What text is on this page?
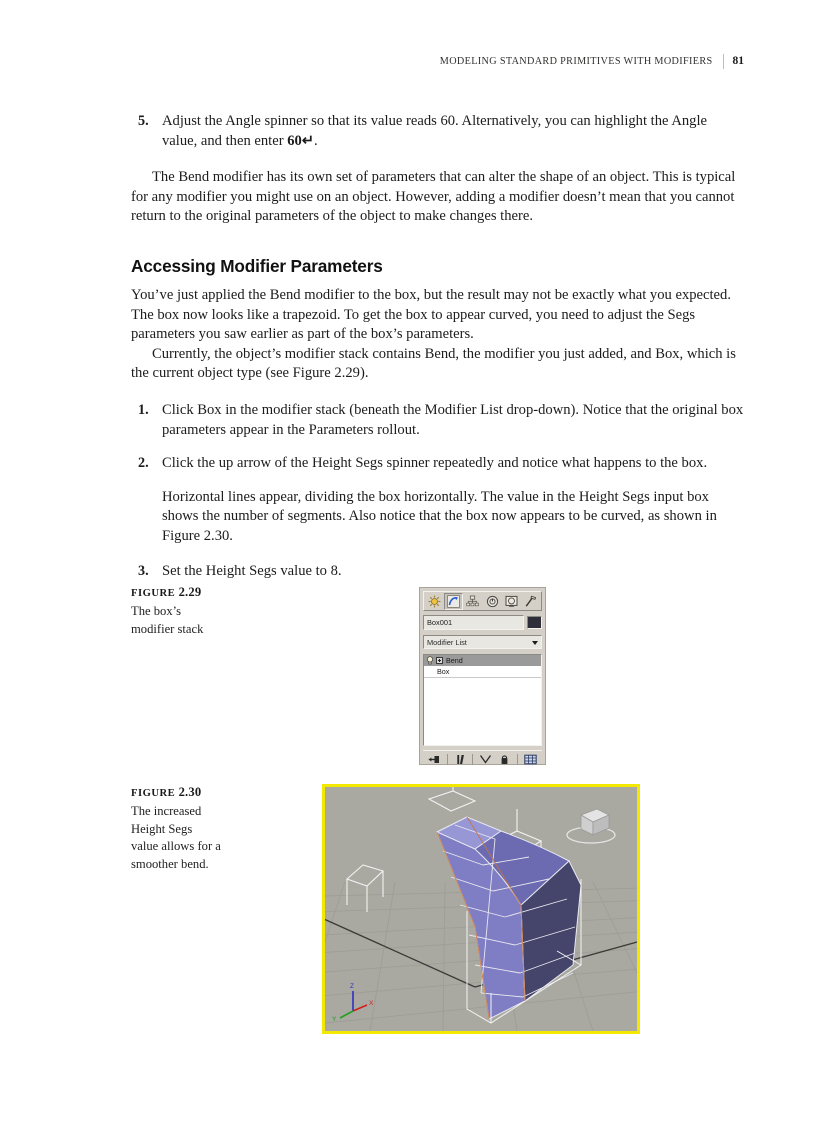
MODELING STANDARD PRIMITIVES WITH MODIFIERS 81
5. Adjust the Angle spinner so that its value reads 60. Alternatively, you can highlight the Angle value, and then enter 60↵.

The Bend modifier has its own set of parameters that can alter the shape of an object. This is typical for any modifier you might use on an object. However, adding a modifier doesn’t mean that you cannot return to the original parameters of the object to make changes there.

Accessing Modifier Parameters

You’ve just applied the Bend modifier to the box, but the result may not be exactly what you expected. The box now looks like a trapezoid. To get the box to appear curved, you need to adjust the Segs parameters you saw earlier as part of the box’s parameters.

Currently, the object’s modifier stack contains Bend, the modifier you just added, and Box, which is the current object type (see Figure 2.29).

1. Click Box in the modifier stack (beneath the Modifier List drop-down). Notice that the original box parameters appear in the Parameters rollout.
2. Click the up arrow of the Height Segs spinner repeatedly and notice what happens to the box.
Horizontal lines appear, dividing the box horizontally. The value in the Height Segs input box shows the number of segments. Also notice that the box now appears to be curved, as shown in Figure 2.30.
3. Set the Height Segs value to 8.
FIGURE 2.29
The box’s
modifier stack
FIGURE 2.30
The increased
Height Segs
value allows for a
smoother bend.
Box001
Modifier List
Bend
Box
Z
X
Y
